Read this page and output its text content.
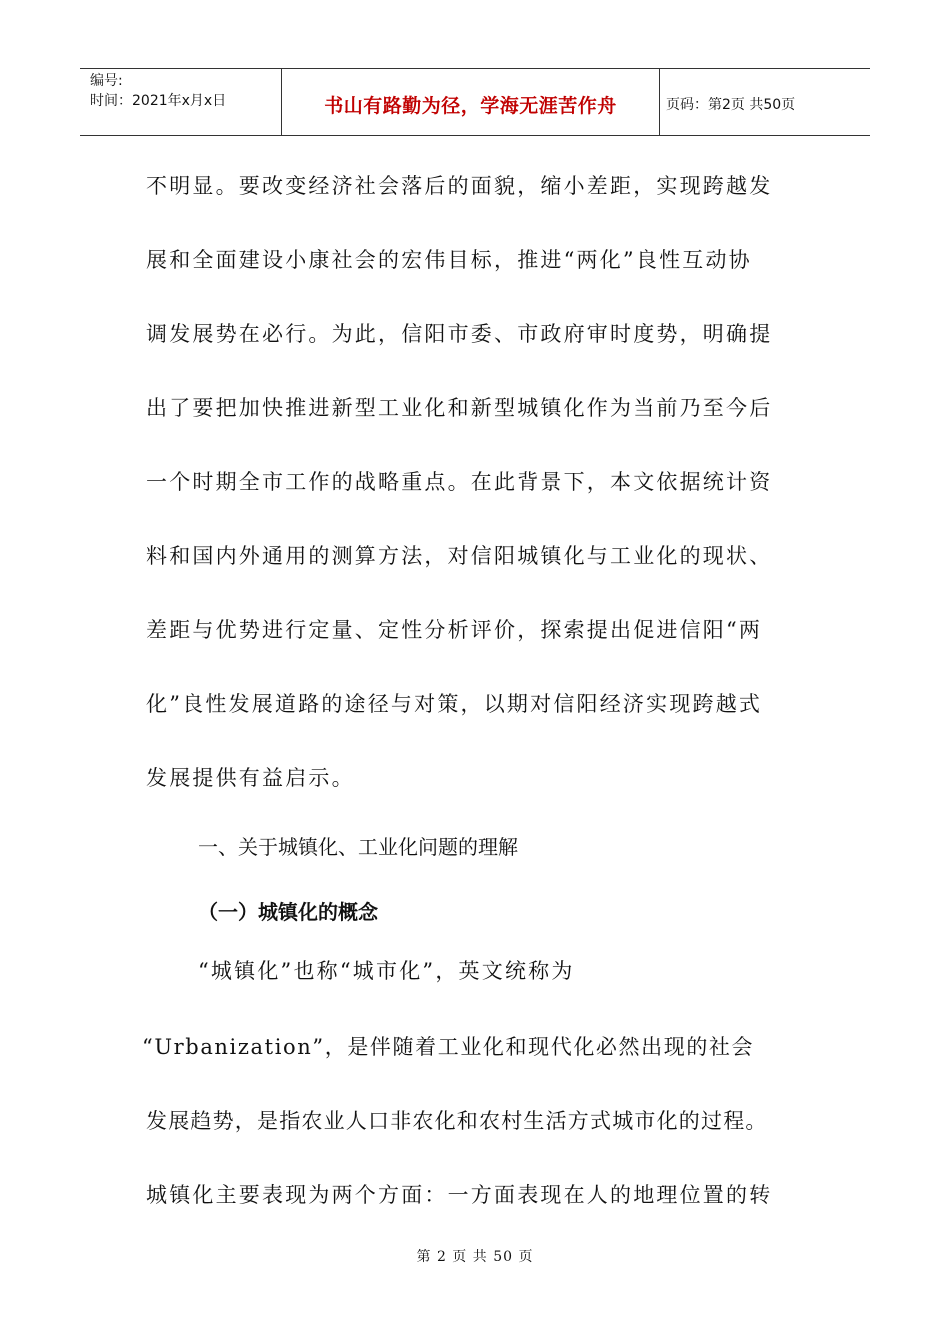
编号:
时间：2021年x月x日	书山有路勤为径，学海无涯苦作舟	页码：第2页 共50页
不明显。要改变经济社会落后的面貌，缩小差距，实现跨越发
展和全面建设小康社会的宏伟目标，推进“两化”良性互动协
调发展势在必行。为此，信阳市委、市政府审时度势，明确提
出了要把加快推进新型工业化和新型城镇化作为当前乃至今后
一个时期全市工作的战略重点。在此背景下，本文依据统计资
料和国内外通用的测算方法，对信阳城镇化与工业化的现状、
差距与优势进行定量、定性分析评价，探索提出促进信阳“两
化”良性发展道路的途径与对策，以期对信阳经济实现跨越式
发展提供有益启示。
一、关于城镇化、工业化问题的理解
（一）城镇化的概念
“城镇化”也称“城市化”，英文统称为
“Urbanization”，是伴随着工业化和现代化必然出现的社会
发展趋势，是指农业人口非农化和农村生活方式城市化的过程。
城镇化主要表现为两个方面：一方面表现在人的地理位置的转
第 2 页 共 50 页
